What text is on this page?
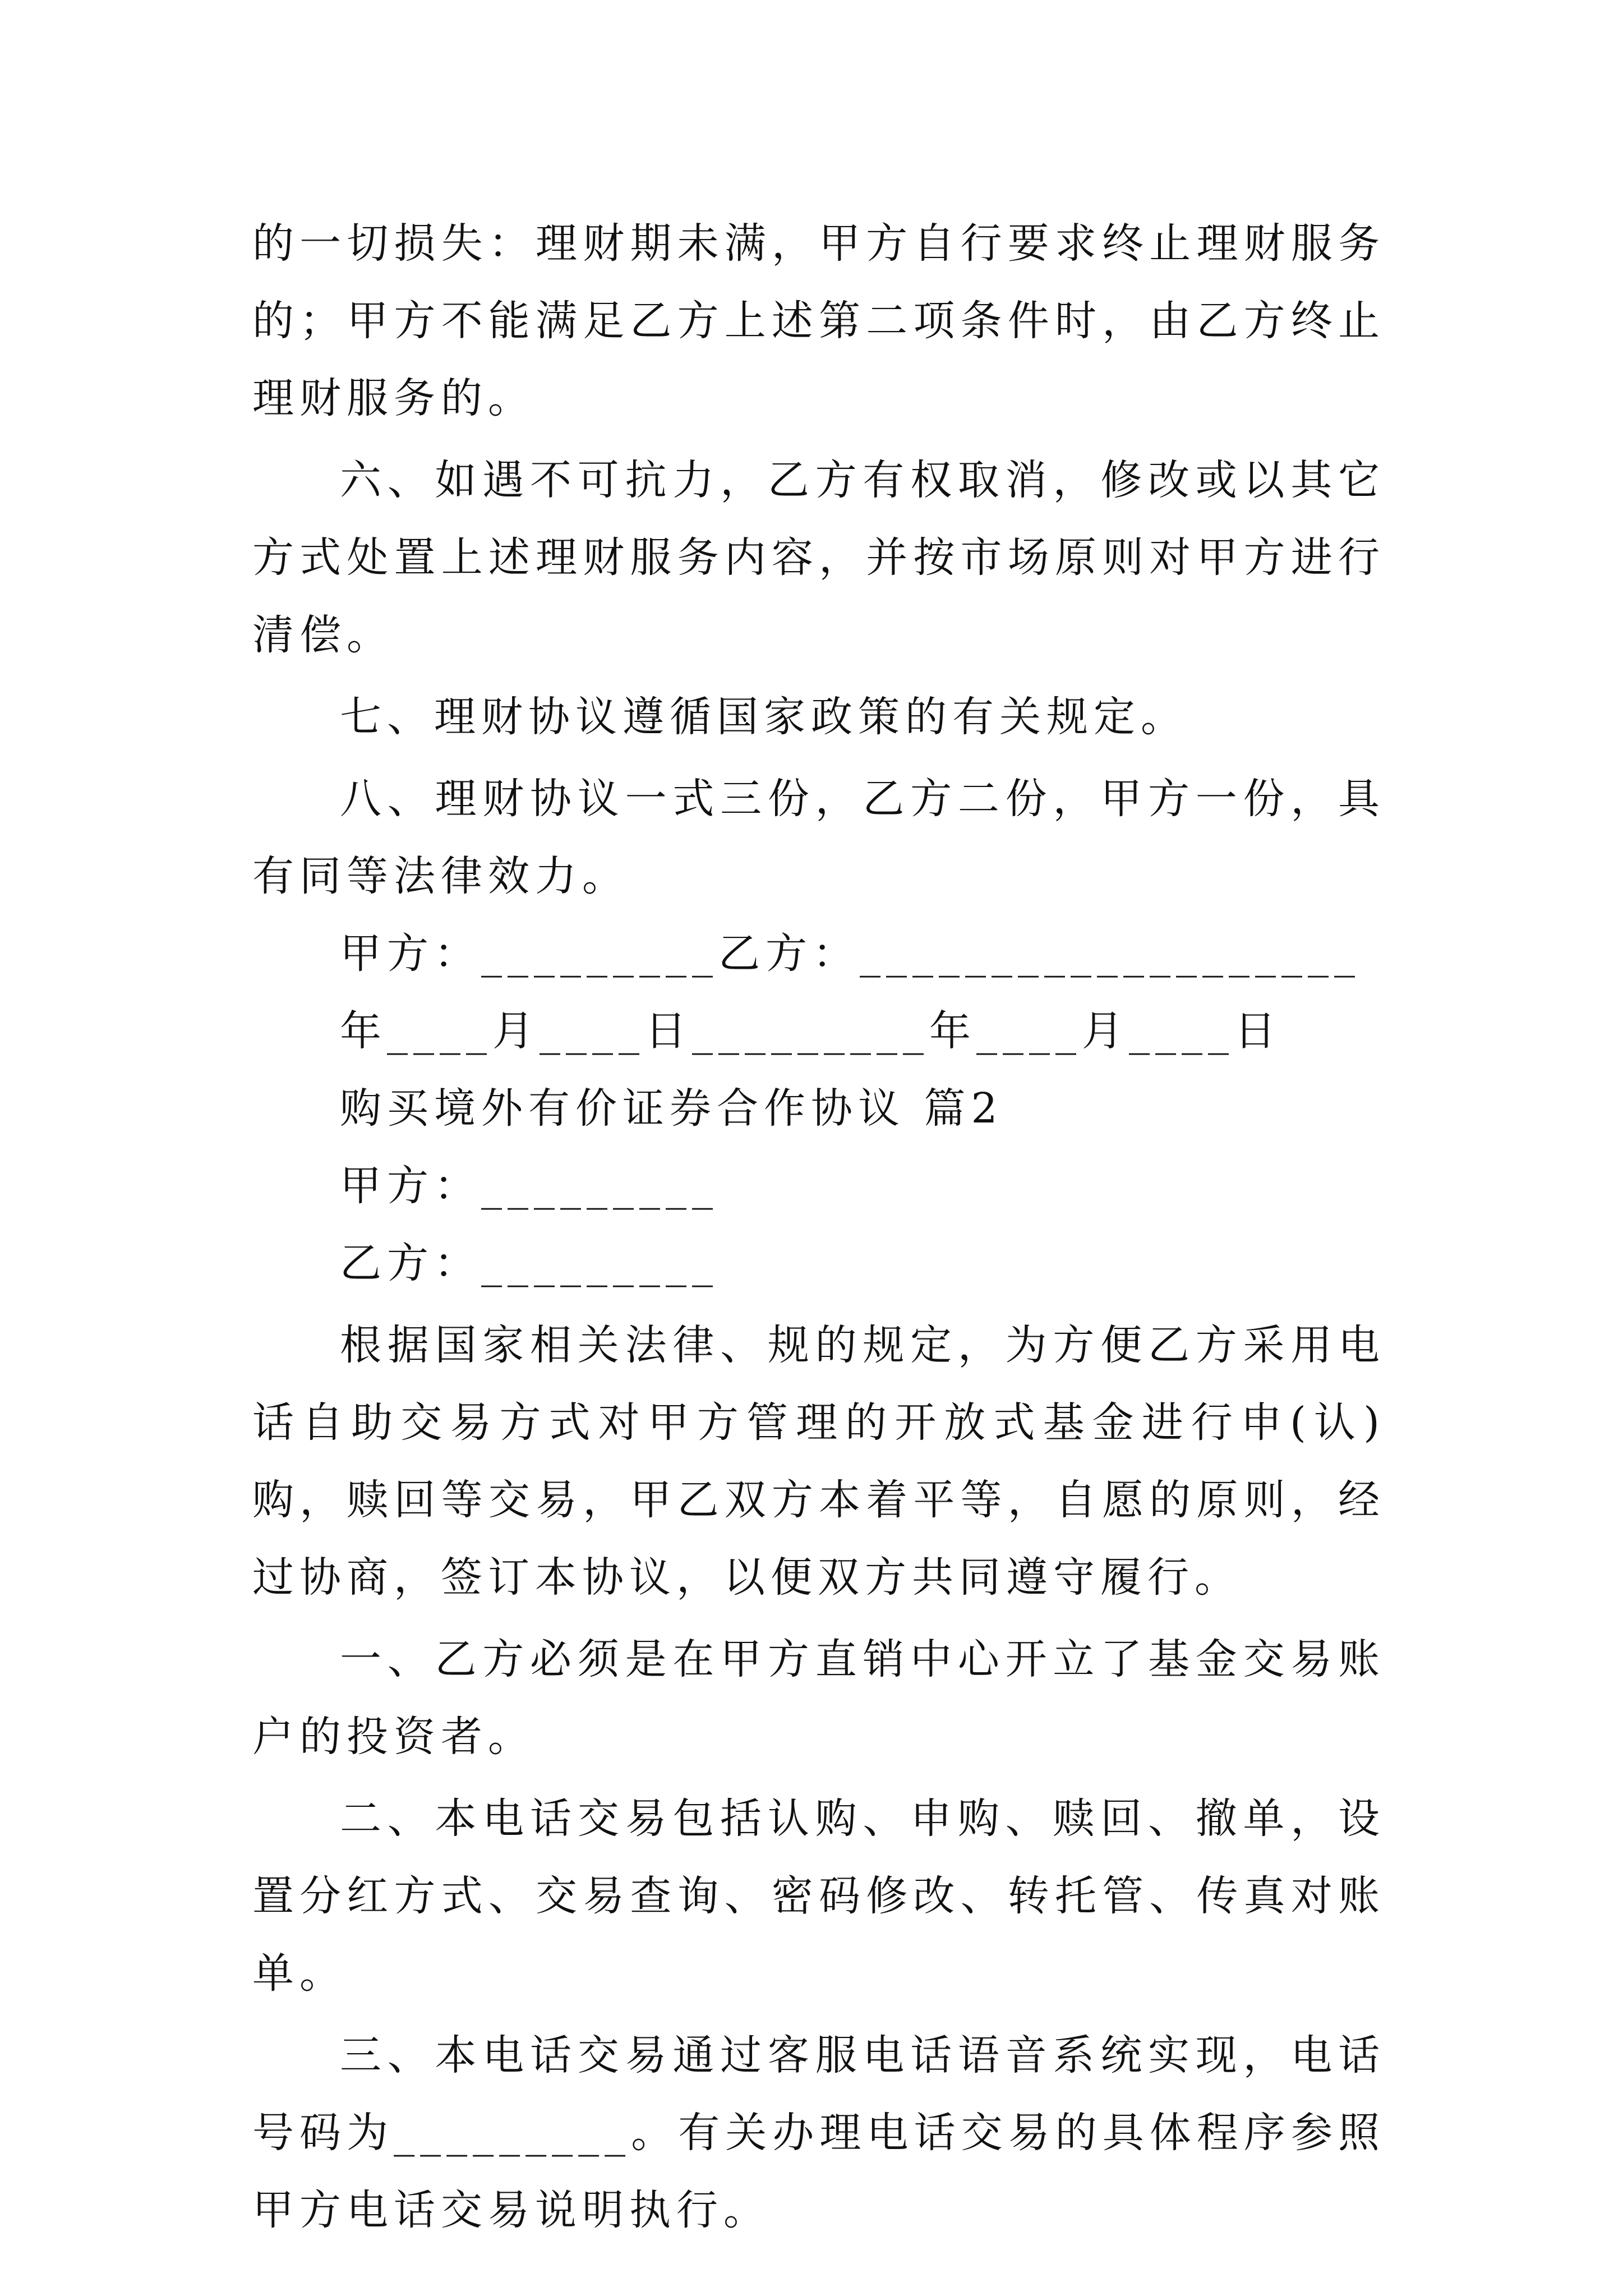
的一切损失：理财期未满，甲方自行要求终止理财服务的；甲方不能满足乙方上述第二项条件时，由乙方终止理财服务的。

六、如遇不可抗力，乙方有权取消，修改或以其它方式处置上述理财服务内容，并按市场原则对甲方进行清偿。

七、理财协议遵循国家政策的有关规定。

八、理财协议一式三份，乙方二份，甲方一份，具有同等法律效力。

甲方：_________乙方：___________________

年____月____日_________年____月____日

购买境外有价证券合作协议 篇2

甲方：_________

乙方：_________

根据国家相关法律、规的规定，为方便乙方采用电话自助交易方式对甲方管理的开放式基金进行申(认)购，赎回等交易，甲乙双方本着平等，自愿的原则，经过协商，签订本协议，以便双方共同遵守履行。

一、乙方必须是在甲方直销中心开立了基金交易账户的投资者。

二、本电话交易包括认购、申购、赎回、撤单，设置分红方式、交易查询、密码修改、转托管、传真对账单。

三、本电话交易通过客服电话语音系统实现，电话号码为_________。有关办理电话交易的具体程序参照甲方电话交易说明执行。
